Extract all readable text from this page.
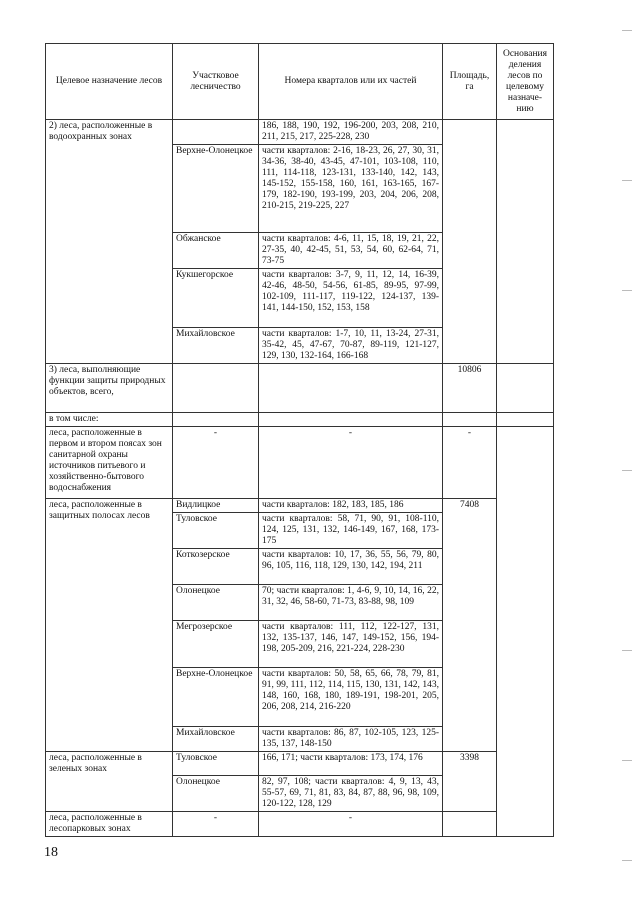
Целевое назначение лесов	Участковое лесничество	Номера кварталов или их частей	Площадь, га	Основания деления лесов по целевому назначе-нию	
2) леса, расположенные в водоохранных зонах		186, 188, 190, 192, 196-200, 203, 208, 210, 211, 215, 217, 225-228, 230			
	Верхне-Олонецкое	части кварталов: 2-16, 18-23, 26, 27, 30, 31, 34-36, 38-40, 43-45, 47-101, 103-108, 110, 111, 114-118, 123-131, 133-140, 142, 143, 145-152, 155-158, 160, 161, 163-165, 167-179, 182-190, 193-199, 203, 204, 206, 208, 210-215, 219-225, 227			
	Обжанское	части кварталов: 4-6, 11, 15, 18, 19, 21, 22, 27-35, 40, 42-45, 51, 53, 54, 60, 62-64, 71, 73-75			
	Кукшегорское	части кварталов: 3-7, 9, 11, 12, 14, 16-39, 42-46, 48-50, 54-56, 61-85, 89-95, 97-99, 102-109, 111-117, 119-122, 124-137, 139-141, 144-150, 152, 153, 158			
	Михайловское	части кварталов: 1-7, 10, 11, 13-24, 27-31, 35-42, 45, 47-67, 70-87, 89-119, 121-127, 129, 130, 132-164, 166-168			
3) леса, выполняющие функции защиты природных объектов, всего,			10806		
в том числе:					
леса, расположенные в первом и втором поясах зон санитарной охраны источников питьевого и хозяйственно-бытового водоснабжения	-	-	-		
леса, расположенные в защитных полосах лесов	Видлицкое	части кварталов: 182, 183, 185, 186	7408		
	Туловское	части кварталов: 58, 71, 90, 91, 108-110, 124, 125, 131, 132, 146-149, 167, 168, 173-175			
	Коткозерское	части кварталов: 10, 17, 36, 55, 56, 79, 80, 96, 105, 116, 118, 129, 130, 142, 194, 211			
	Олонецкое	70; части кварталов: 1, 4-6, 9, 10, 14, 16, 22, 31, 32, 46, 58-60, 71-73, 83-88, 98, 109			
	Мегрозерское	части кварталов: 111, 112, 122-127, 131, 132, 135-137, 146, 147, 149-152, 156, 194-198, 205-209, 216, 221-224, 228-230			
	Верхне-Олонецкое	части кварталов: 50, 58, 65, 66, 78, 79, 81, 91, 99, 111, 112, 114, 115, 130, 131, 142, 143, 148, 160, 168, 180, 189-191, 198-201, 205, 206, 208, 214, 216-220			
	Михайловское	части кварталов: 86, 87, 102-105, 123, 125-135, 137, 148-150			
леса, расположенные в зеленых зонах	Туловское	166, 171; части кварталов: 173, 174, 176	3398		
	Олонецкое	82, 97, 108; части кварталов: 4, 9, 13, 43, 55-57, 69, 71, 81, 83, 84, 87, 88, 96, 98, 109, 120-122, 128, 129			
леса, расположенные в лесопарковых зонах	-	-			
18
